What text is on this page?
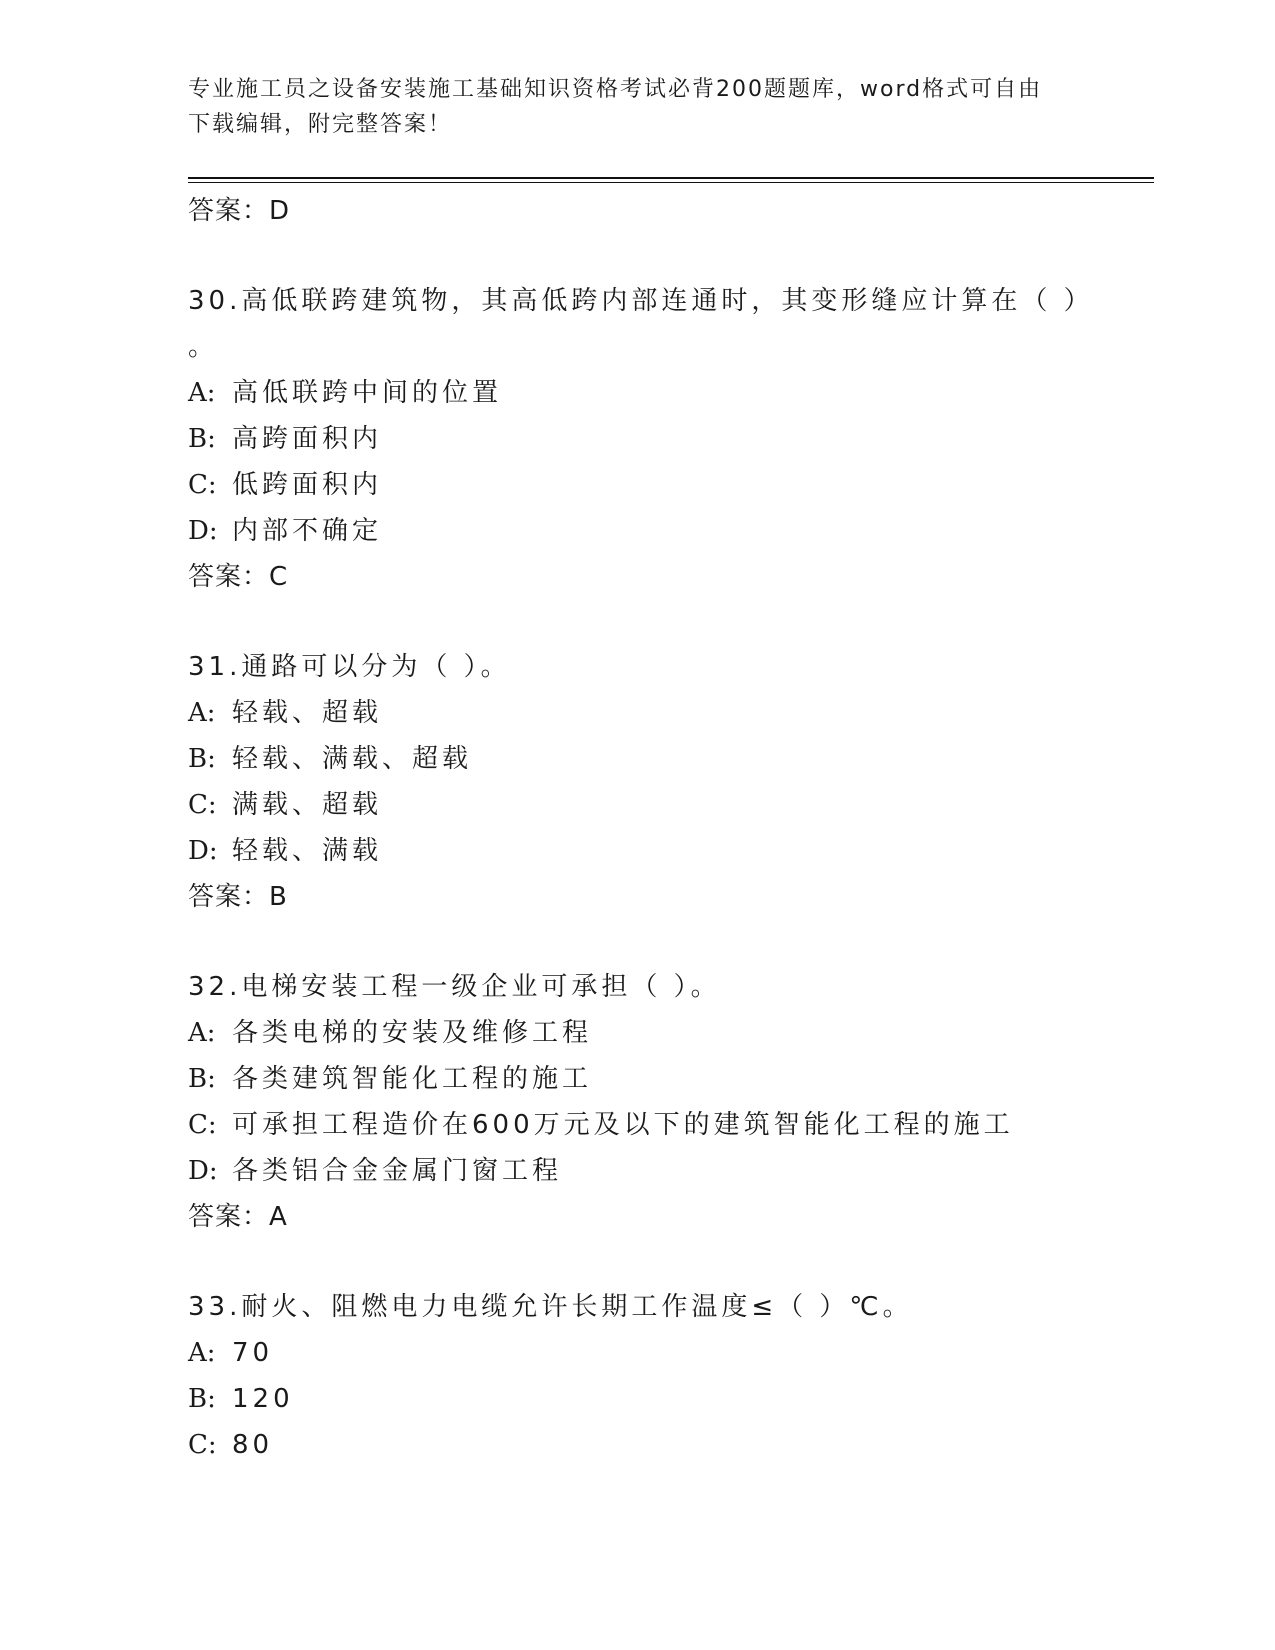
专业施工员之设备安装施工基础知识资格考试必背200题题库，word格式可自由
下载编辑，附完整答案！
答案：D
30.高低联跨建筑物，其高低跨内部连通时，其变形缝应计算在（ ）
。
A: 高低联跨中间的位置
B: 高跨面积内
C: 低跨面积内
D: 内部不确定
答案：C
31.通路可以分为（ ）。
A: 轻载、超载
B: 轻载、满载、超载
C: 满载、超载
D: 轻载、满载
答案：B
32.电梯安装工程一级企业可承担（ ）。
A: 各类电梯的安装及维修工程
B: 各类建筑智能化工程的施工
C: 可承担工程造价在600万元及以下的建筑智能化工程的施工
D: 各类铝合金金属门窗工程
答案：A
33.耐火、阻燃电力电缆允许长期工作温度≤（ ）℃。
A: 70
B: 120
C: 80
